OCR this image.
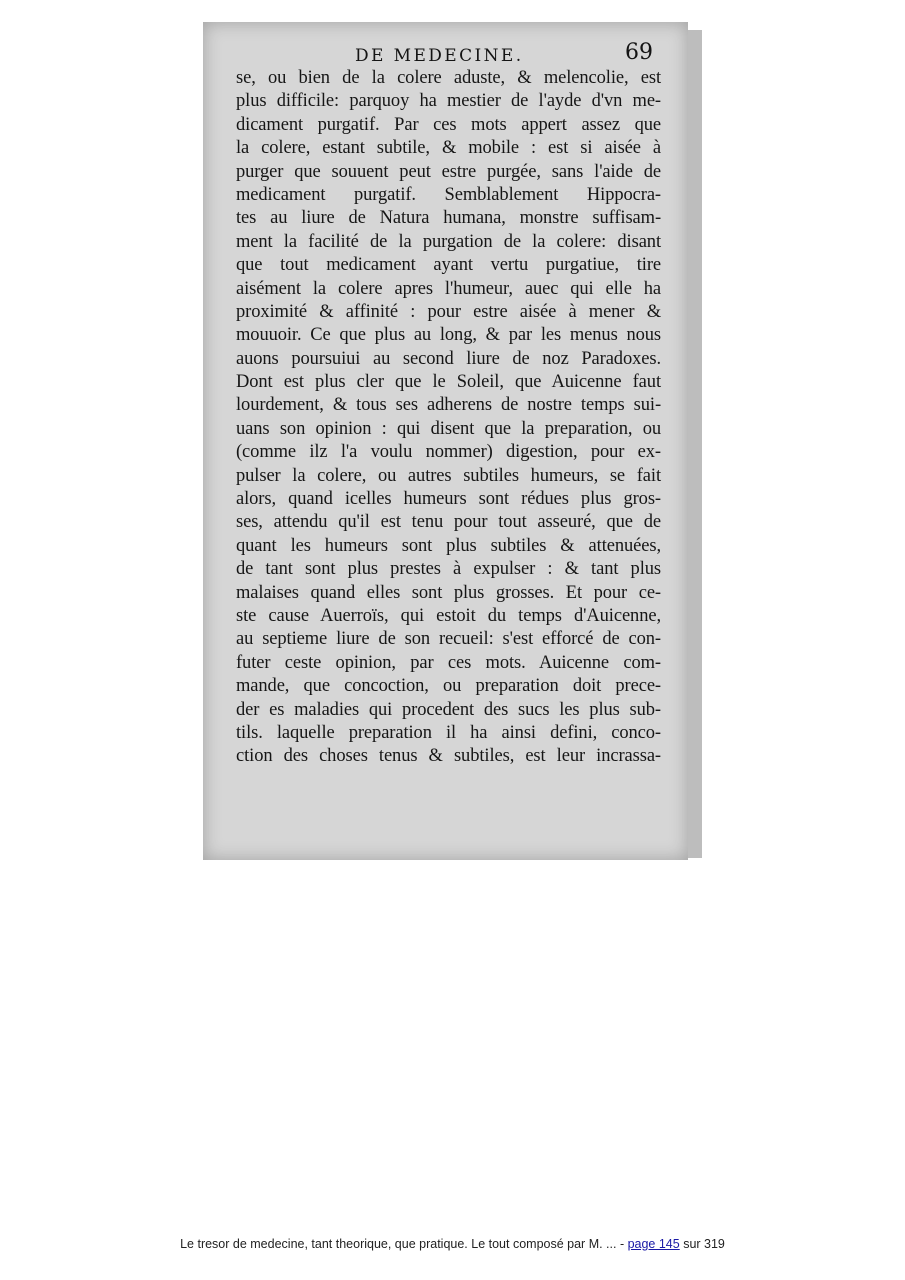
DE MEDECINE.	69
se, ou bien de la colere aduste, & melencolie, est
plus difficile: parquoy ha mestier de l'ayde d'vn me-
dicament purgatif. Par ces mots appert assez que
la colere, estant subtile, & mobile : est si aisée à
purger que souuent peut estre purgée, sans l'aide de
medicament purgatif. Semblablement Hippocra-
tes au liure de Natura humana, monstre suffisam-
ment la facilité de la purgation de la colere: disant
que tout medicament ayant vertu purgatiue, tire
aisément la colere apres l'humeur, auec qui elle ha
proximité & affinité : pour estre aisée à mener &
mouuoir. Ce que plus au long, & par les menus nous
auons poursuiui au second liure de noz Paradoxes.
Dont est plus cler que le Soleil, que Auicenne faut
lourdement, & tous ses adherens de nostre temps sui-
uans son opinion : qui disent que la preparation, ou
(comme ilz l'a voulu nommer) digestion, pour ex-
pulser la colere, ou autres subtiles humeurs, se fait
alors, quand icelles humeurs sont rédues plus gros-
ses, attendu qu'il est tenu pour tout asseuré, que de
quant les humeurs sont plus subtiles & attenuées,
de tant sont plus prestes à expulser : & tant plus
malaises quand elles sont plus grosses. Et pour ce-
ste cause Auerroïs, qui estoit du temps d'Auicenne,
au septieme liure de son recueil: s'est efforcé de con-
futer ceste opinion, par ces mots. Auicenne com-
mande, que concoction, ou preparation doit prece-
der es maladies qui procedent des sucs les plus sub-
tils. laquelle preparation il ha ainsi defini, conco-
ction des choses tenus & subtiles, est leur incrassa-
Le tresor de medecine, tant theorique, que pratique. Le tout composé par M. ... - page 145 sur 319
